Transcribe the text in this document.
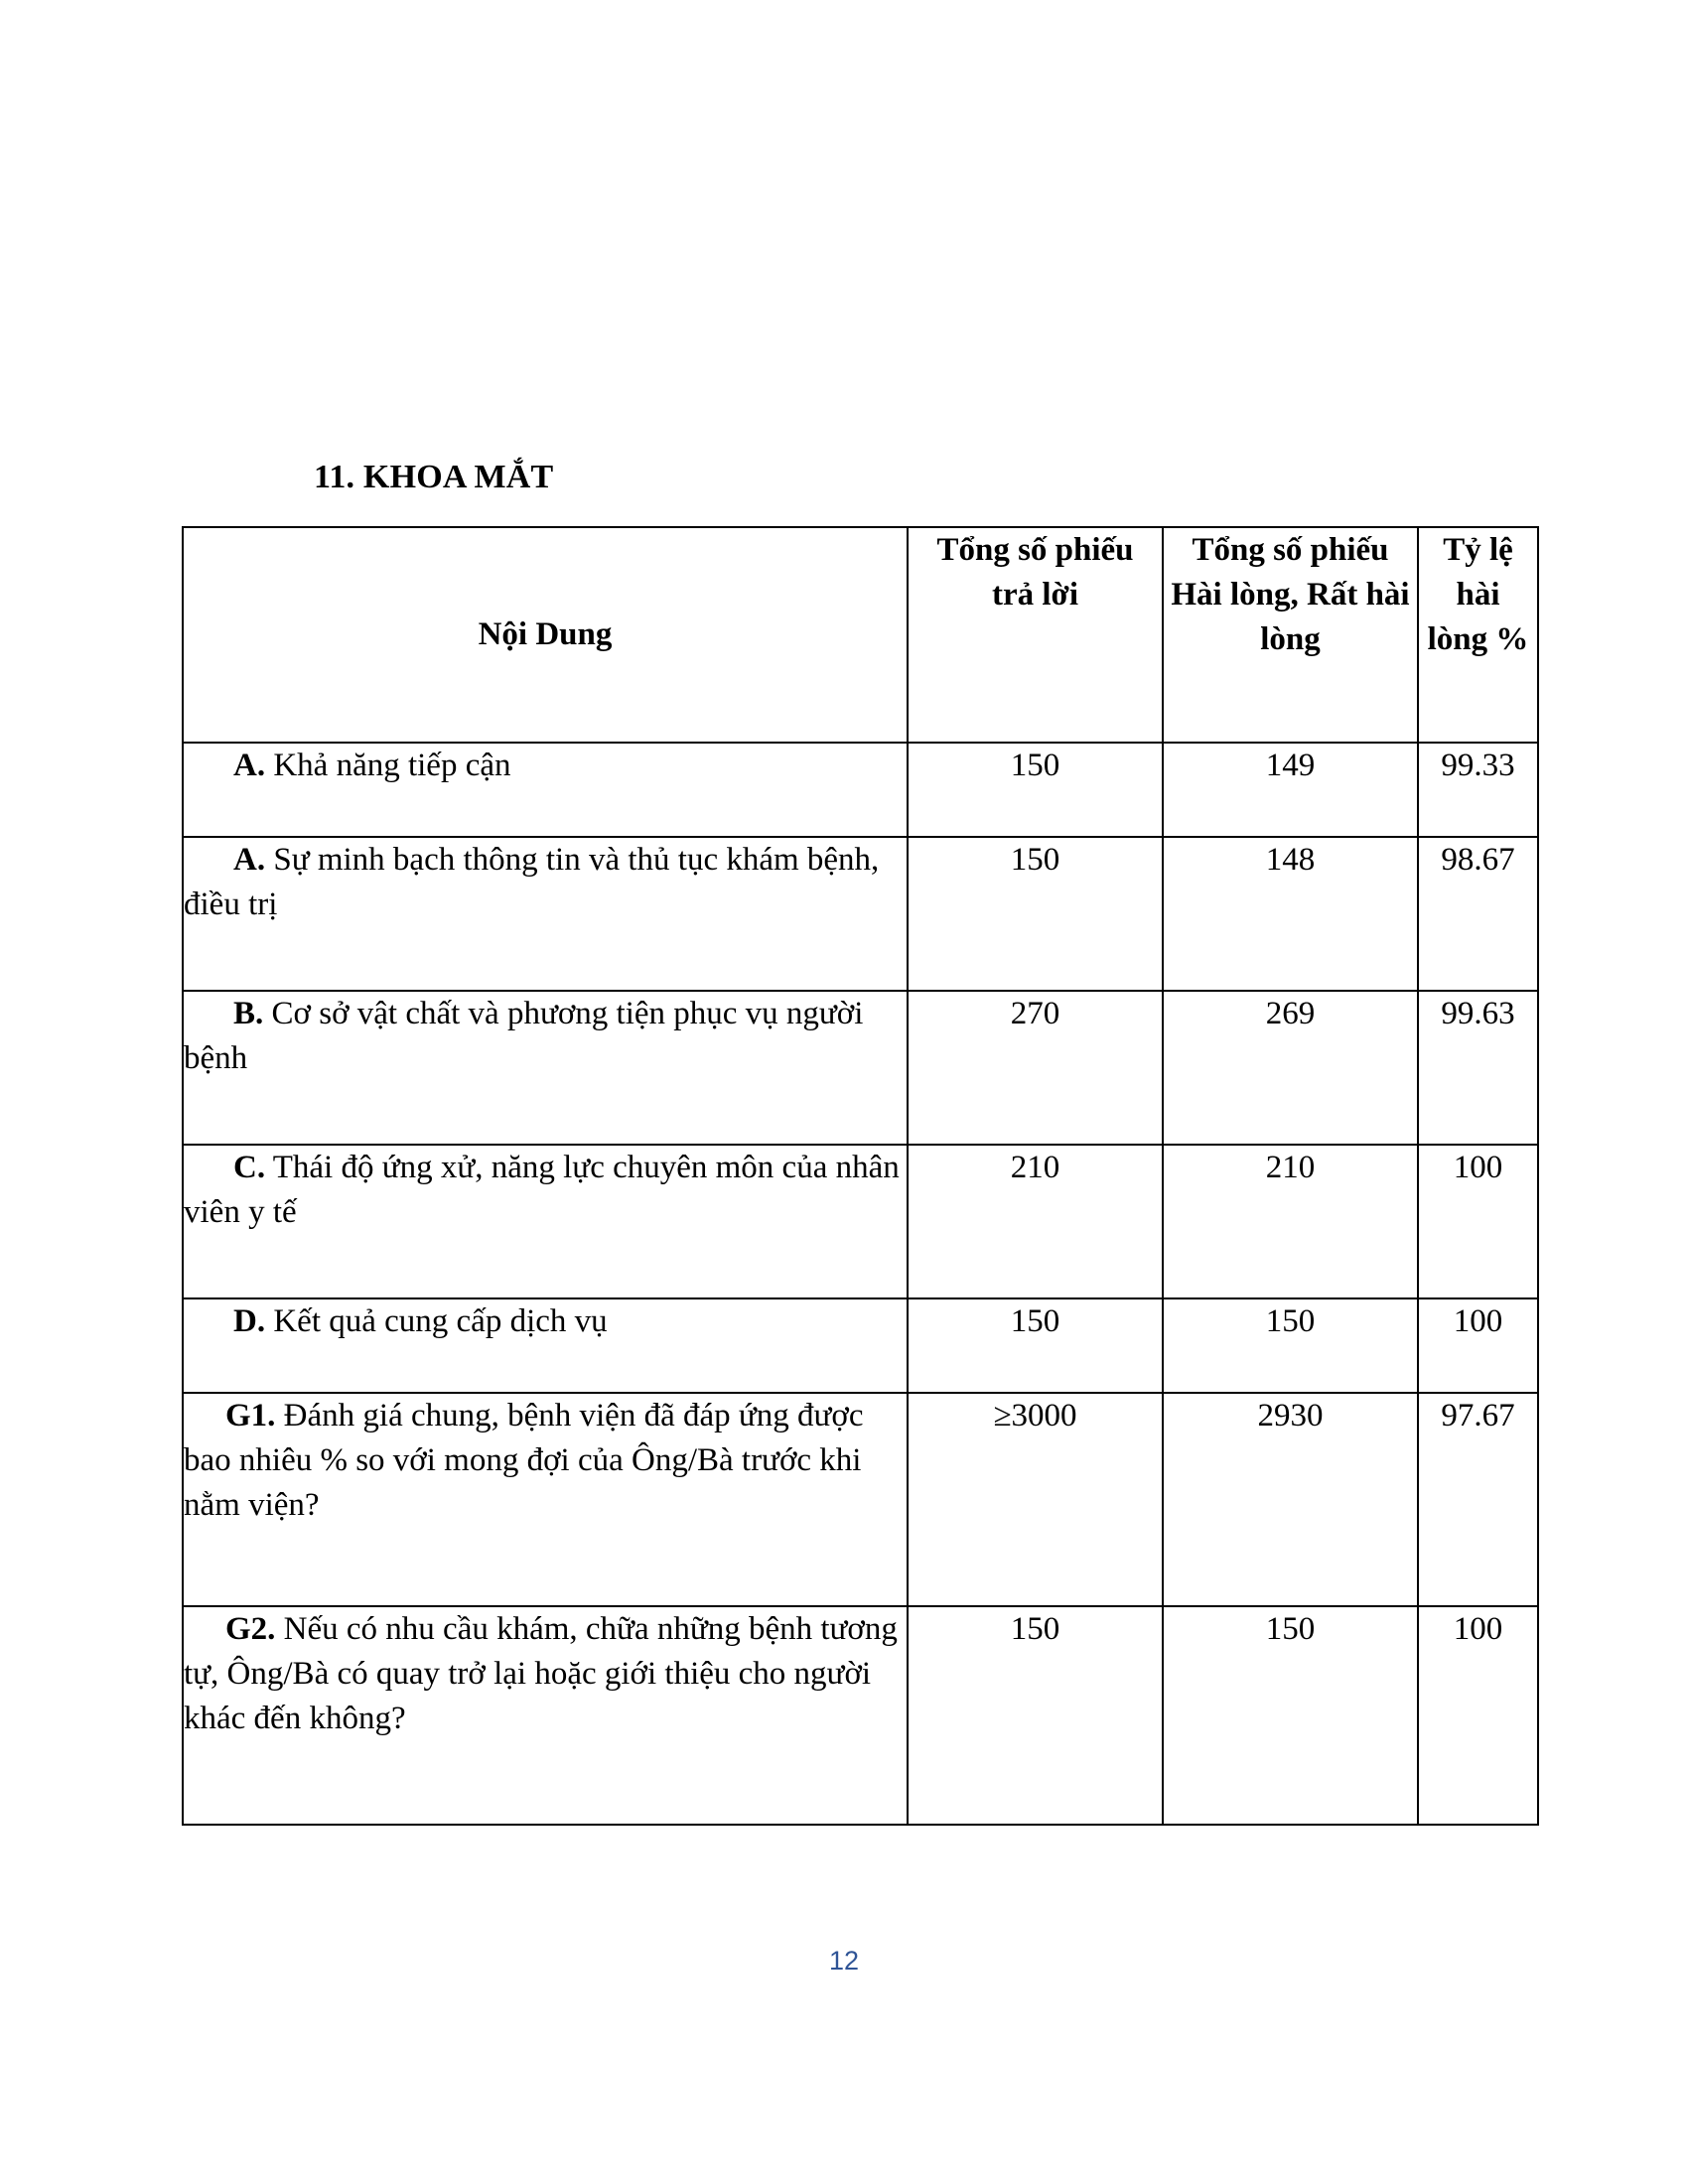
11. KHOA MẮT
Nội Dung	Tổng số phiếu trả lời	Tổng số phiếu Hài lòng, Rất hài lòng	Tỷ lệ hài lòng %

A. Khả năng tiếp cận	150	149	99.33
A. Sự minh bạch thông tin và thủ tục khám bệnh, điều trị	150	148	98.67
B. Cơ sở vật chất và phương tiện phục vụ người bệnh	270	269	99.63
C. Thái độ ứng xử, năng lực chuyên môn của nhân viên y tế	210	210	100
D. Kết quả cung cấp dịch vụ	150	150	100
G1. Đánh giá chung, bệnh viện đã đáp ứng được bao nhiêu % so với mong đợi của Ông/Bà trước khi nằm viện?	≥3000	2930	97.67
G2. Nếu có nhu cầu khám, chữa những bệnh tương tự, Ông/Bà có quay trở lại hoặc giới thiệu cho người khác đến không?	150	150	100
12
